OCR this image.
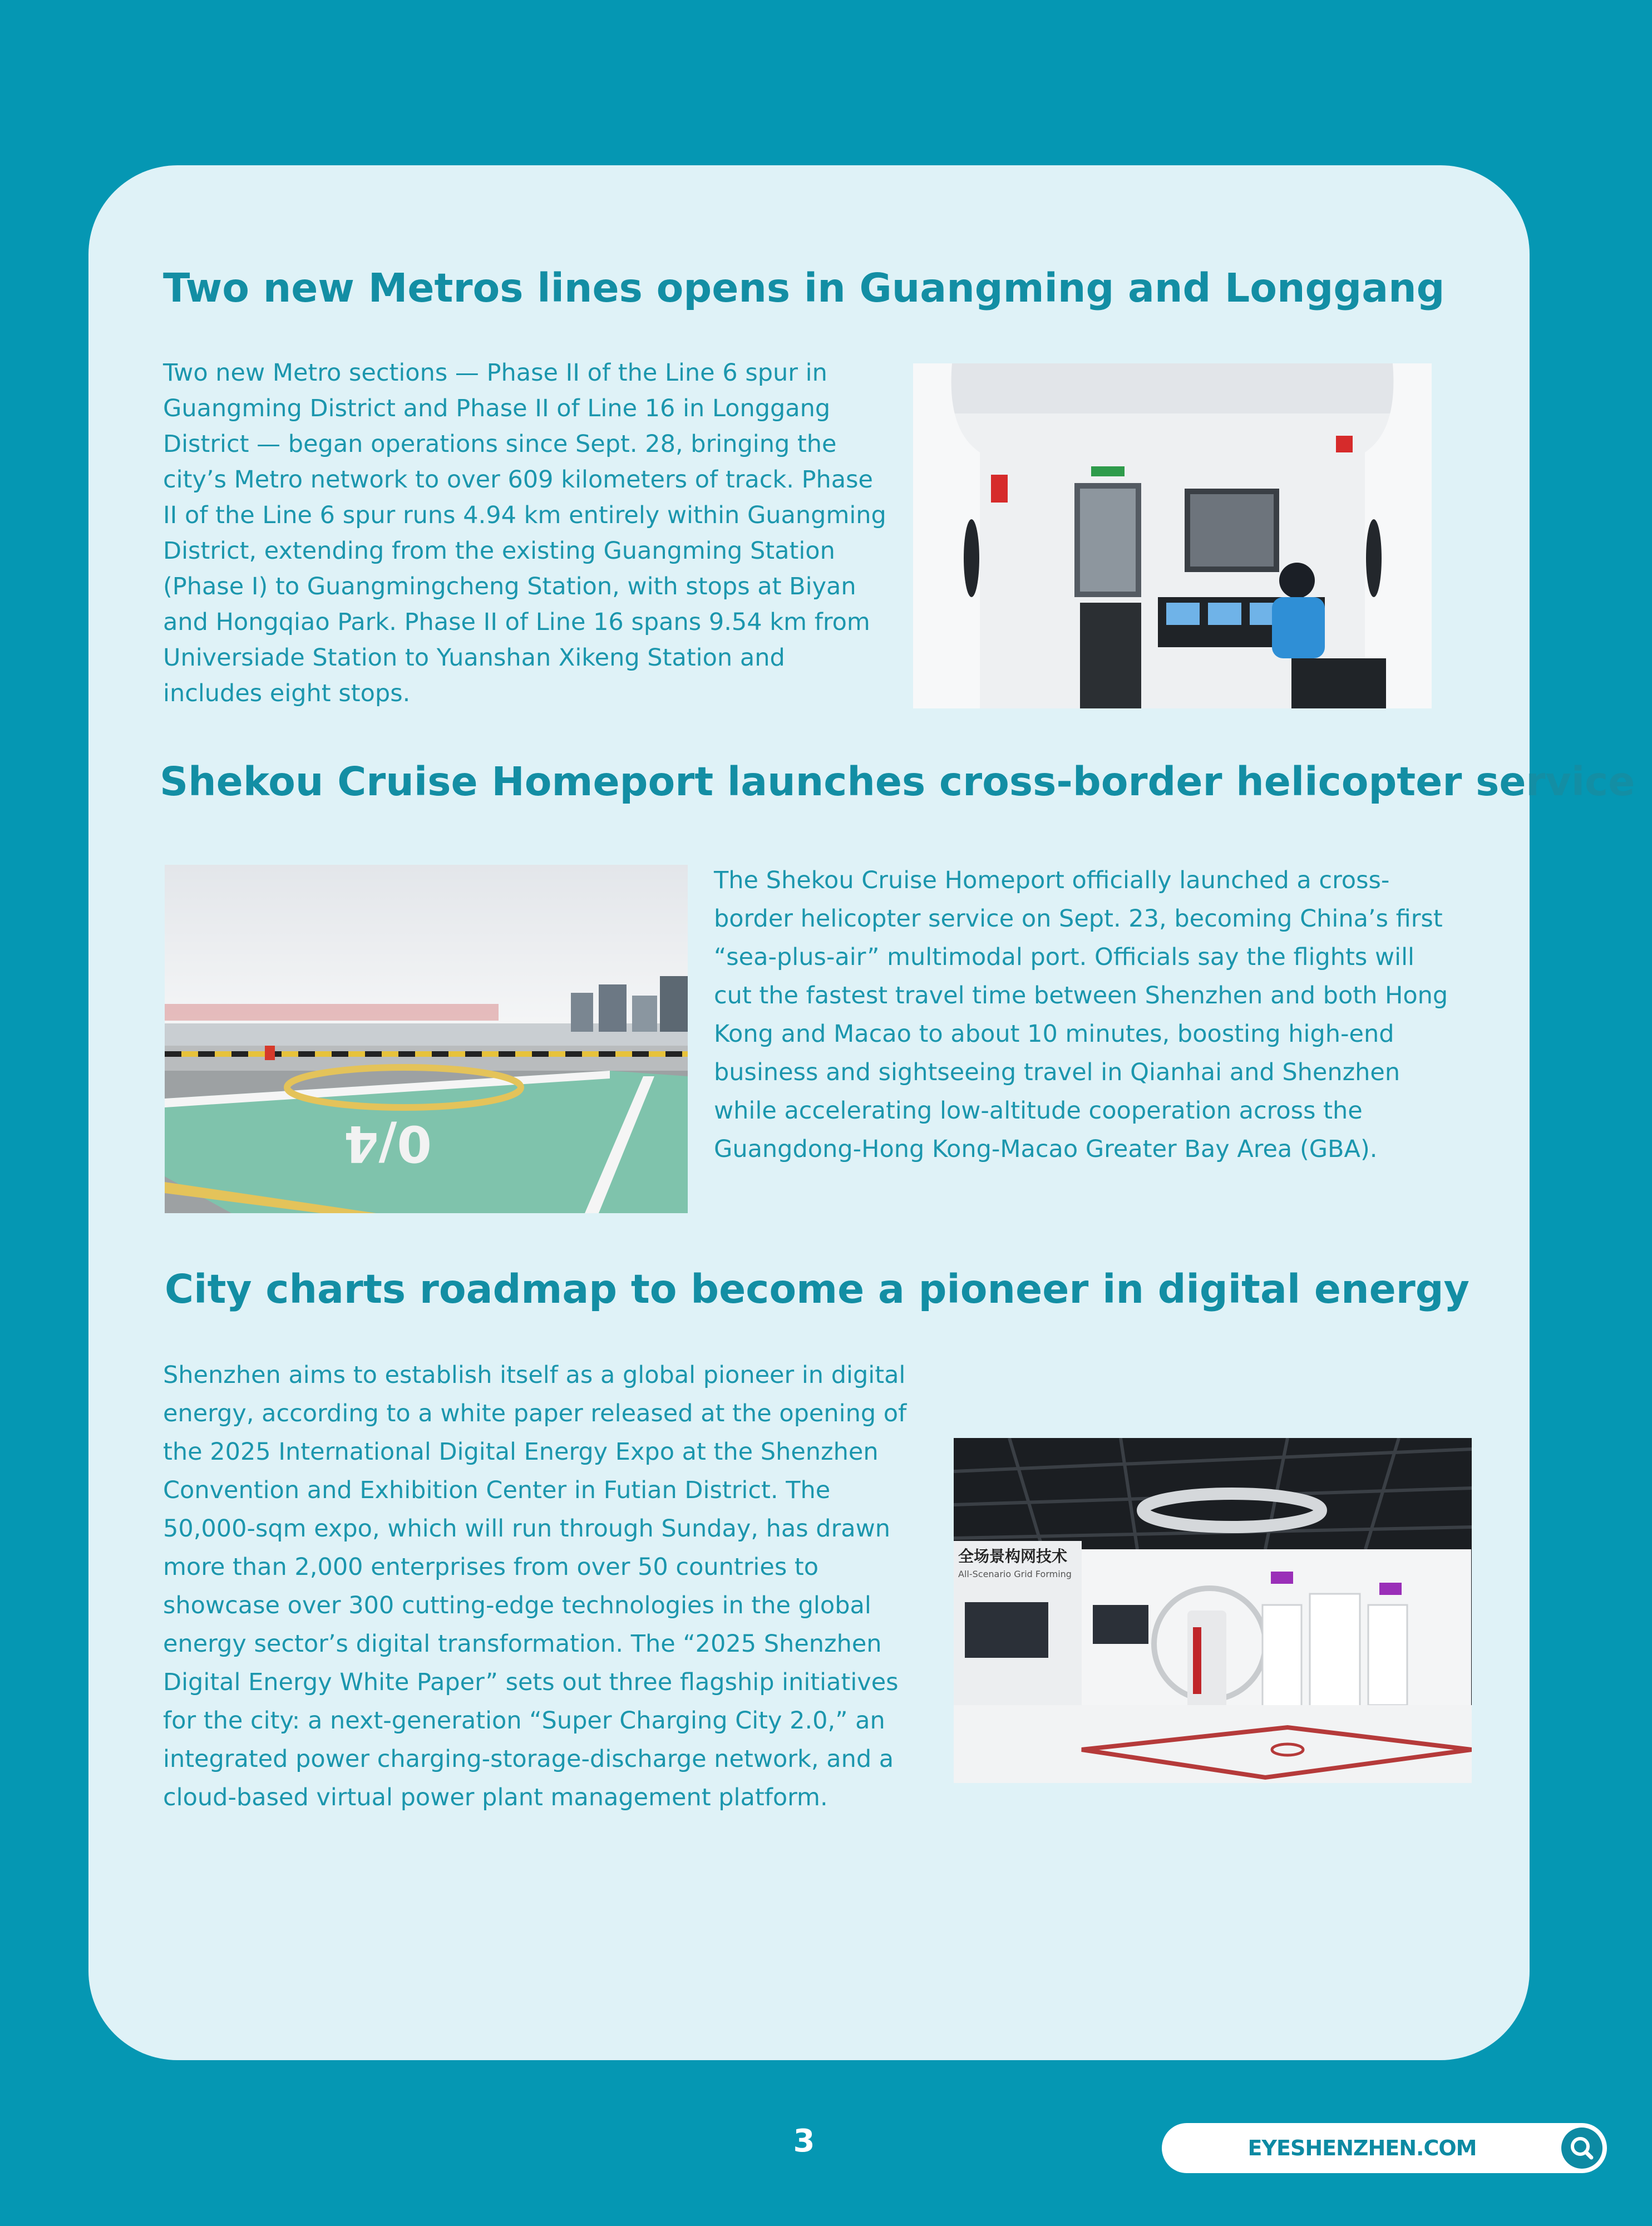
Two new Metros lines opens in Guangming and Longgang

Two new Metro sections — Phase II of the Line 6 spur in Guangming District and Phase II of Line 16 in Longgang District — began operations since Sept. 28, bringing the city’s Metro network to over 609 kilometers of track. Phase II of the Line 6 spur runs 4.94 km entirely within Guangming District, extending from the existing Guangming Station (Phase I) to Guangmingcheng Station, with stops at Biyan and Hongqiao Park. Phase II of Line 16 spans 9.54 km from Universiade Station to Yuanshan Xikeng Station and includes eight stops.

Shekou Cruise Homeport launches cross-border helicopter service
0/4

The Shekou Cruise Homeport officially launched a cross-border helicopter service on Sept. 23, becoming China’s first “sea-plus-air” multimodal port. Officials say the flights will cut the fastest travel time between Shenzhen and both Hong Kong and Macao to about 10 minutes, boosting high-end business and sightseeing travel in Qianhai and Shenzhen while accelerating low-altitude cooperation across the Guangdong-Hong Kong-Macao Greater Bay Area (GBA).

City charts roadmap to become a pioneer in digital energy

Shenzhen aims to establish itself as a global pioneer in digital energy, according to a white paper released at the opening of the 2025 International Digital Energy Expo at the Shenzhen Convention and Exhibition Center in Futian District. The 50,000-sqm expo, which will run through Sunday, has drawn more than 2,000 enterprises from over 50 countries to showcase over 300 cutting-edge technologies in the global energy sector’s digital transformation. The “2025 Shenzhen Digital Energy White Paper” sets out three flagship initiatives for the city: a next-generation “Super Charging City 2.0,” an integrated power charging-storage-discharge network, and a cloud-based virtual power plant management platform.

全场景构网技术
All-Scenario Grid Forming
3	EYESHENZHEN.COM
